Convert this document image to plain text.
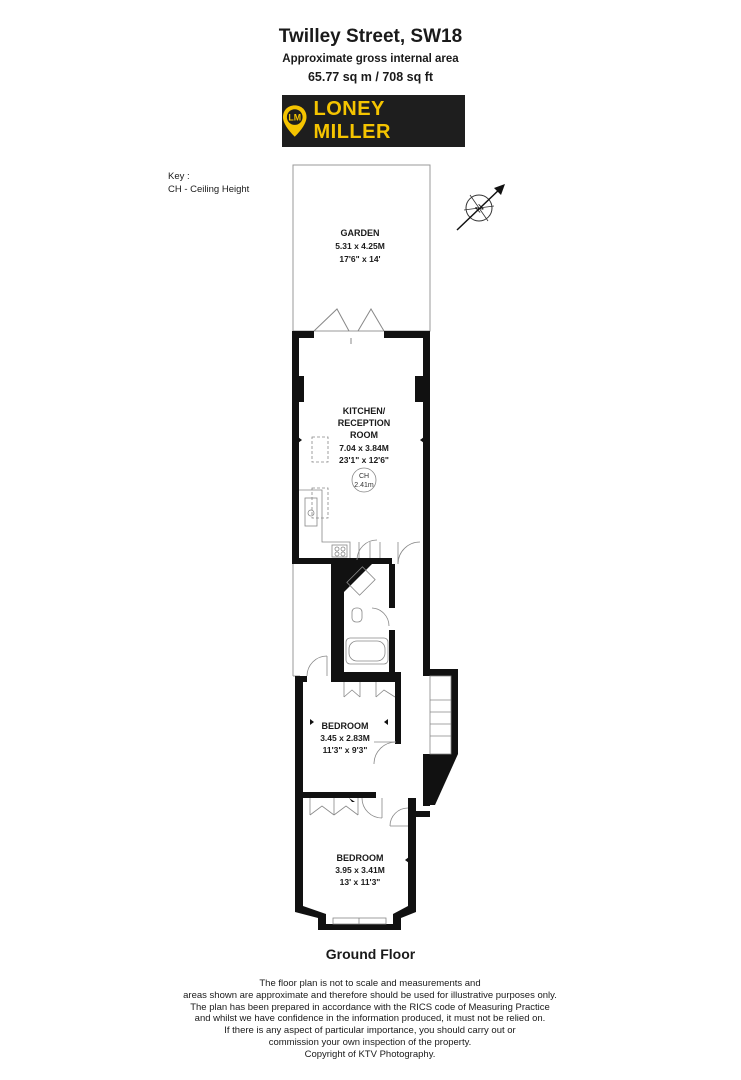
Twilley Street, SW18
Approximate gross internal area
65.77 sq m / 708 sq ft
LM LONEY MILLER
Key :
CH - Ceiling Height
N
GARDEN
5.31 x 4.25M
17'6" x 14'
KITCHEN/
RECEPTION
ROOM
7.04 x 3.84M
23'1" x 12'6"
CH
2.41m
BEDROOM
3.45 x 2.83M
11'3" x 9'3"
BEDROOM
3.95 x 3.41M
13' x 11'3"
Ground Floor
The floor plan is not to scale and measurements and
areas shown are approximate and therefore should be used for illustrative purposes only.
The plan has been prepared in accordance with the RICS code of Measuring Practice
and whilst we have confidence in the information produced, it must not be relied on.
If there is any aspect of particular importance, you should carry out or
commission your own inspection of the property.
Copyright of KTV Photography.
